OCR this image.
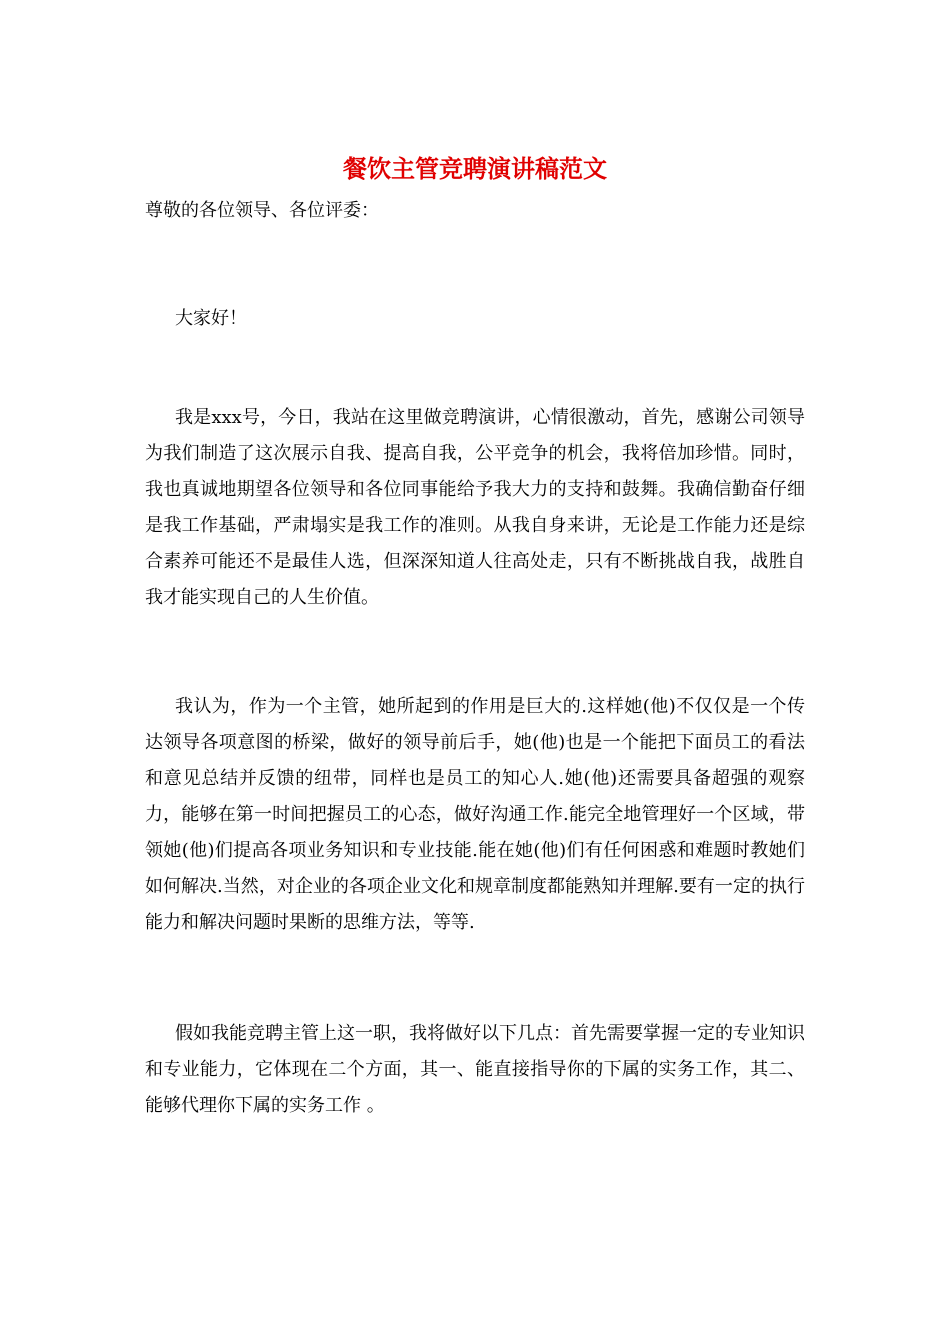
餐饮主管竞聘演讲稿范文

尊敬的各位领导、各位评委：

大家好！

我是xxx号，今日，我站在这里做竞聘演讲，心情很激动，首先，感谢公司领导为我们制造了这次展示自我、提高自我，公平竞争的机会，我将倍加珍惜。同时，我也真诚地期望各位领导和各位同事能给予我大力的支持和鼓舞。我确信勤奋仔细是我工作基础，严肃塌实是我工作的准则。从我自身来讲，无论是工作能力还是综合素养可能还不是最佳人选，但深深知道人往高处走，只有不断挑战自我，战胜自我才能实现自己的人生价值。

我认为，作为一个主管，她所起到的作用是巨大的.这样她(他)不仅仅是一个传达领导各项意图的桥梁，做好的领导前后手，她(他)也是一个能把下面员工的看法和意见总结并反馈的纽带，同样也是员工的知心人.她(他)还需要具备超强的观察力，能够在第一时间把握员工的心态，做好沟通工作.能完全地管理好一个区域，带领她(他)们提高各项业务知识和专业技能.能在她(他)们有任何困惑和难题时教她们如何解决.当然，对企业的各项企业文化和规章制度都能熟知并理解.要有一定的执行能力和解决问题时果断的思维方法，等等.

假如我能竞聘主管上这一职，我将做好以下几点：首先需要掌握一定的专业知识和专业能力，它体现在二个方面，其一、能直接指导你的下属的实务工作，其二、能够代理你下属的实务工作 。
